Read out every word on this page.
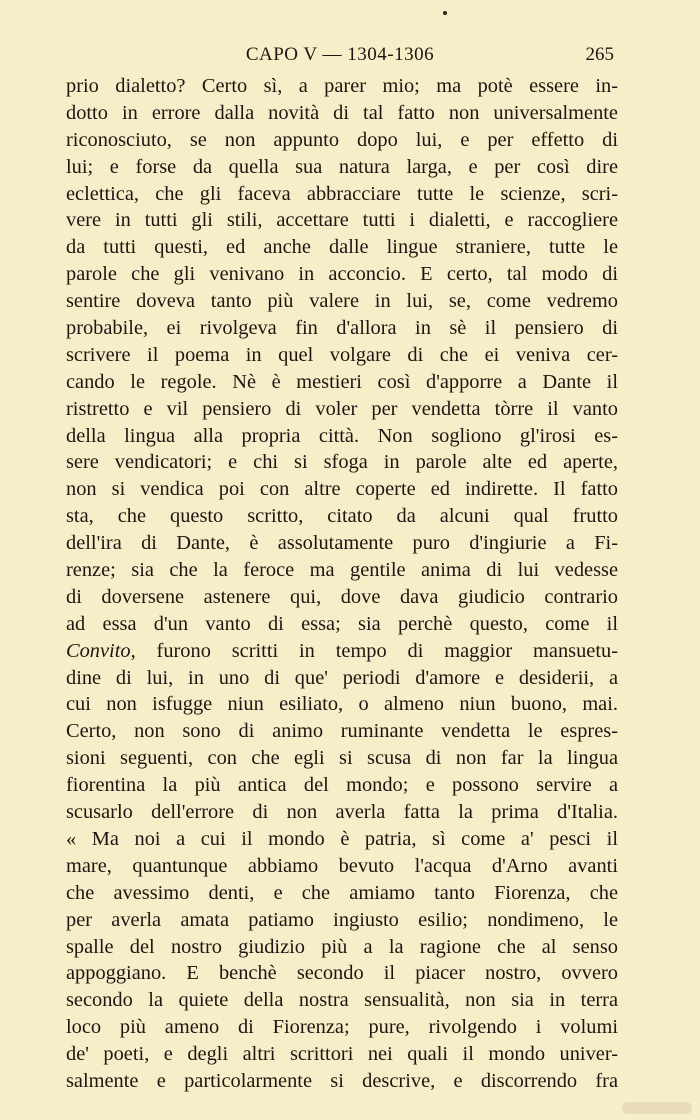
CAPO V — 1304-1306	265
prio dialetto? Certo sì, a parer mio; ma potè essere in-
dotto in errore dalla novità di tal fatto non universalmente
riconosciuto, se non appunto dopo lui, e per effetto di
lui; e forse da quella sua natura larga, e per così dire
eclettica, che gli faceva abbracciare tutte le scienze, scri-
vere in tutti gli stili, accettare tutti i dialetti, e raccogliere
da tutti questi, ed anche dalle lingue straniere, tutte le
parole che gli venivano in acconcio. E certo, tal modo di
sentire doveva tanto più valere in lui, se, come vedremo
probabile, ei rivolgeva fin d'allora in sè il pensiero di
scrivere il poema in quel volgare di che ei veniva cer-
cando le regole. Nè è mestieri così d'apporre a Dante il
ristretto e vil pensiero di voler per vendetta tòrre il vanto
della lingua alla propria città. Non sogliono gl'irosi es-
sere vendicatori; e chi si sfoga in parole alte ed aperte,
non si vendica poi con altre coperte ed indirette. Il fatto
sta, che questo scritto, citato da alcuni qual frutto
dell'ira di Dante, è assolutamente puro d'ingiurie a Fi-
renze; sia che la feroce ma gentile anima di lui vedesse
di doversene astenere qui, dove dava giudicio contrario
ad essa d'un vanto di essa; sia perchè questo, come il
Convito, furono scritti in tempo di maggior mansuetu-
dine di lui, in uno di que' periodi d'amore e desiderii, a
cui non isfugge niun esiliato, o almeno niun buono, mai.
Certo, non sono di animo ruminante vendetta le espres-
sioni seguenti, con che egli si scusa di non far la lingua
fiorentina la più antica del mondo; e possono servire a
scusarlo dell'errore di non averla fatta la prima d'Italia.
« Ma noi a cui il mondo è patria, sì come a' pesci il
mare, quantunque abbiamo bevuto l'acqua d'Arno avanti
che avessimo denti, e che amiamo tanto Fiorenza, che
per averla amata patiamo ingiusto esilio; nondimeno, le
spalle del nostro giudizio più a la ragione che al senso
appoggiano. E benchè secondo il piacer nostro, ovvero
secondo la quiete della nostra sensualità, non sia in terra
loco più ameno di Fiorenza; pure, rivolgendo i volumi
de' poeti, e degli altri scrittori nei quali il mondo univer-
salmente e particolarmente si descrive, e discorrendo fra
